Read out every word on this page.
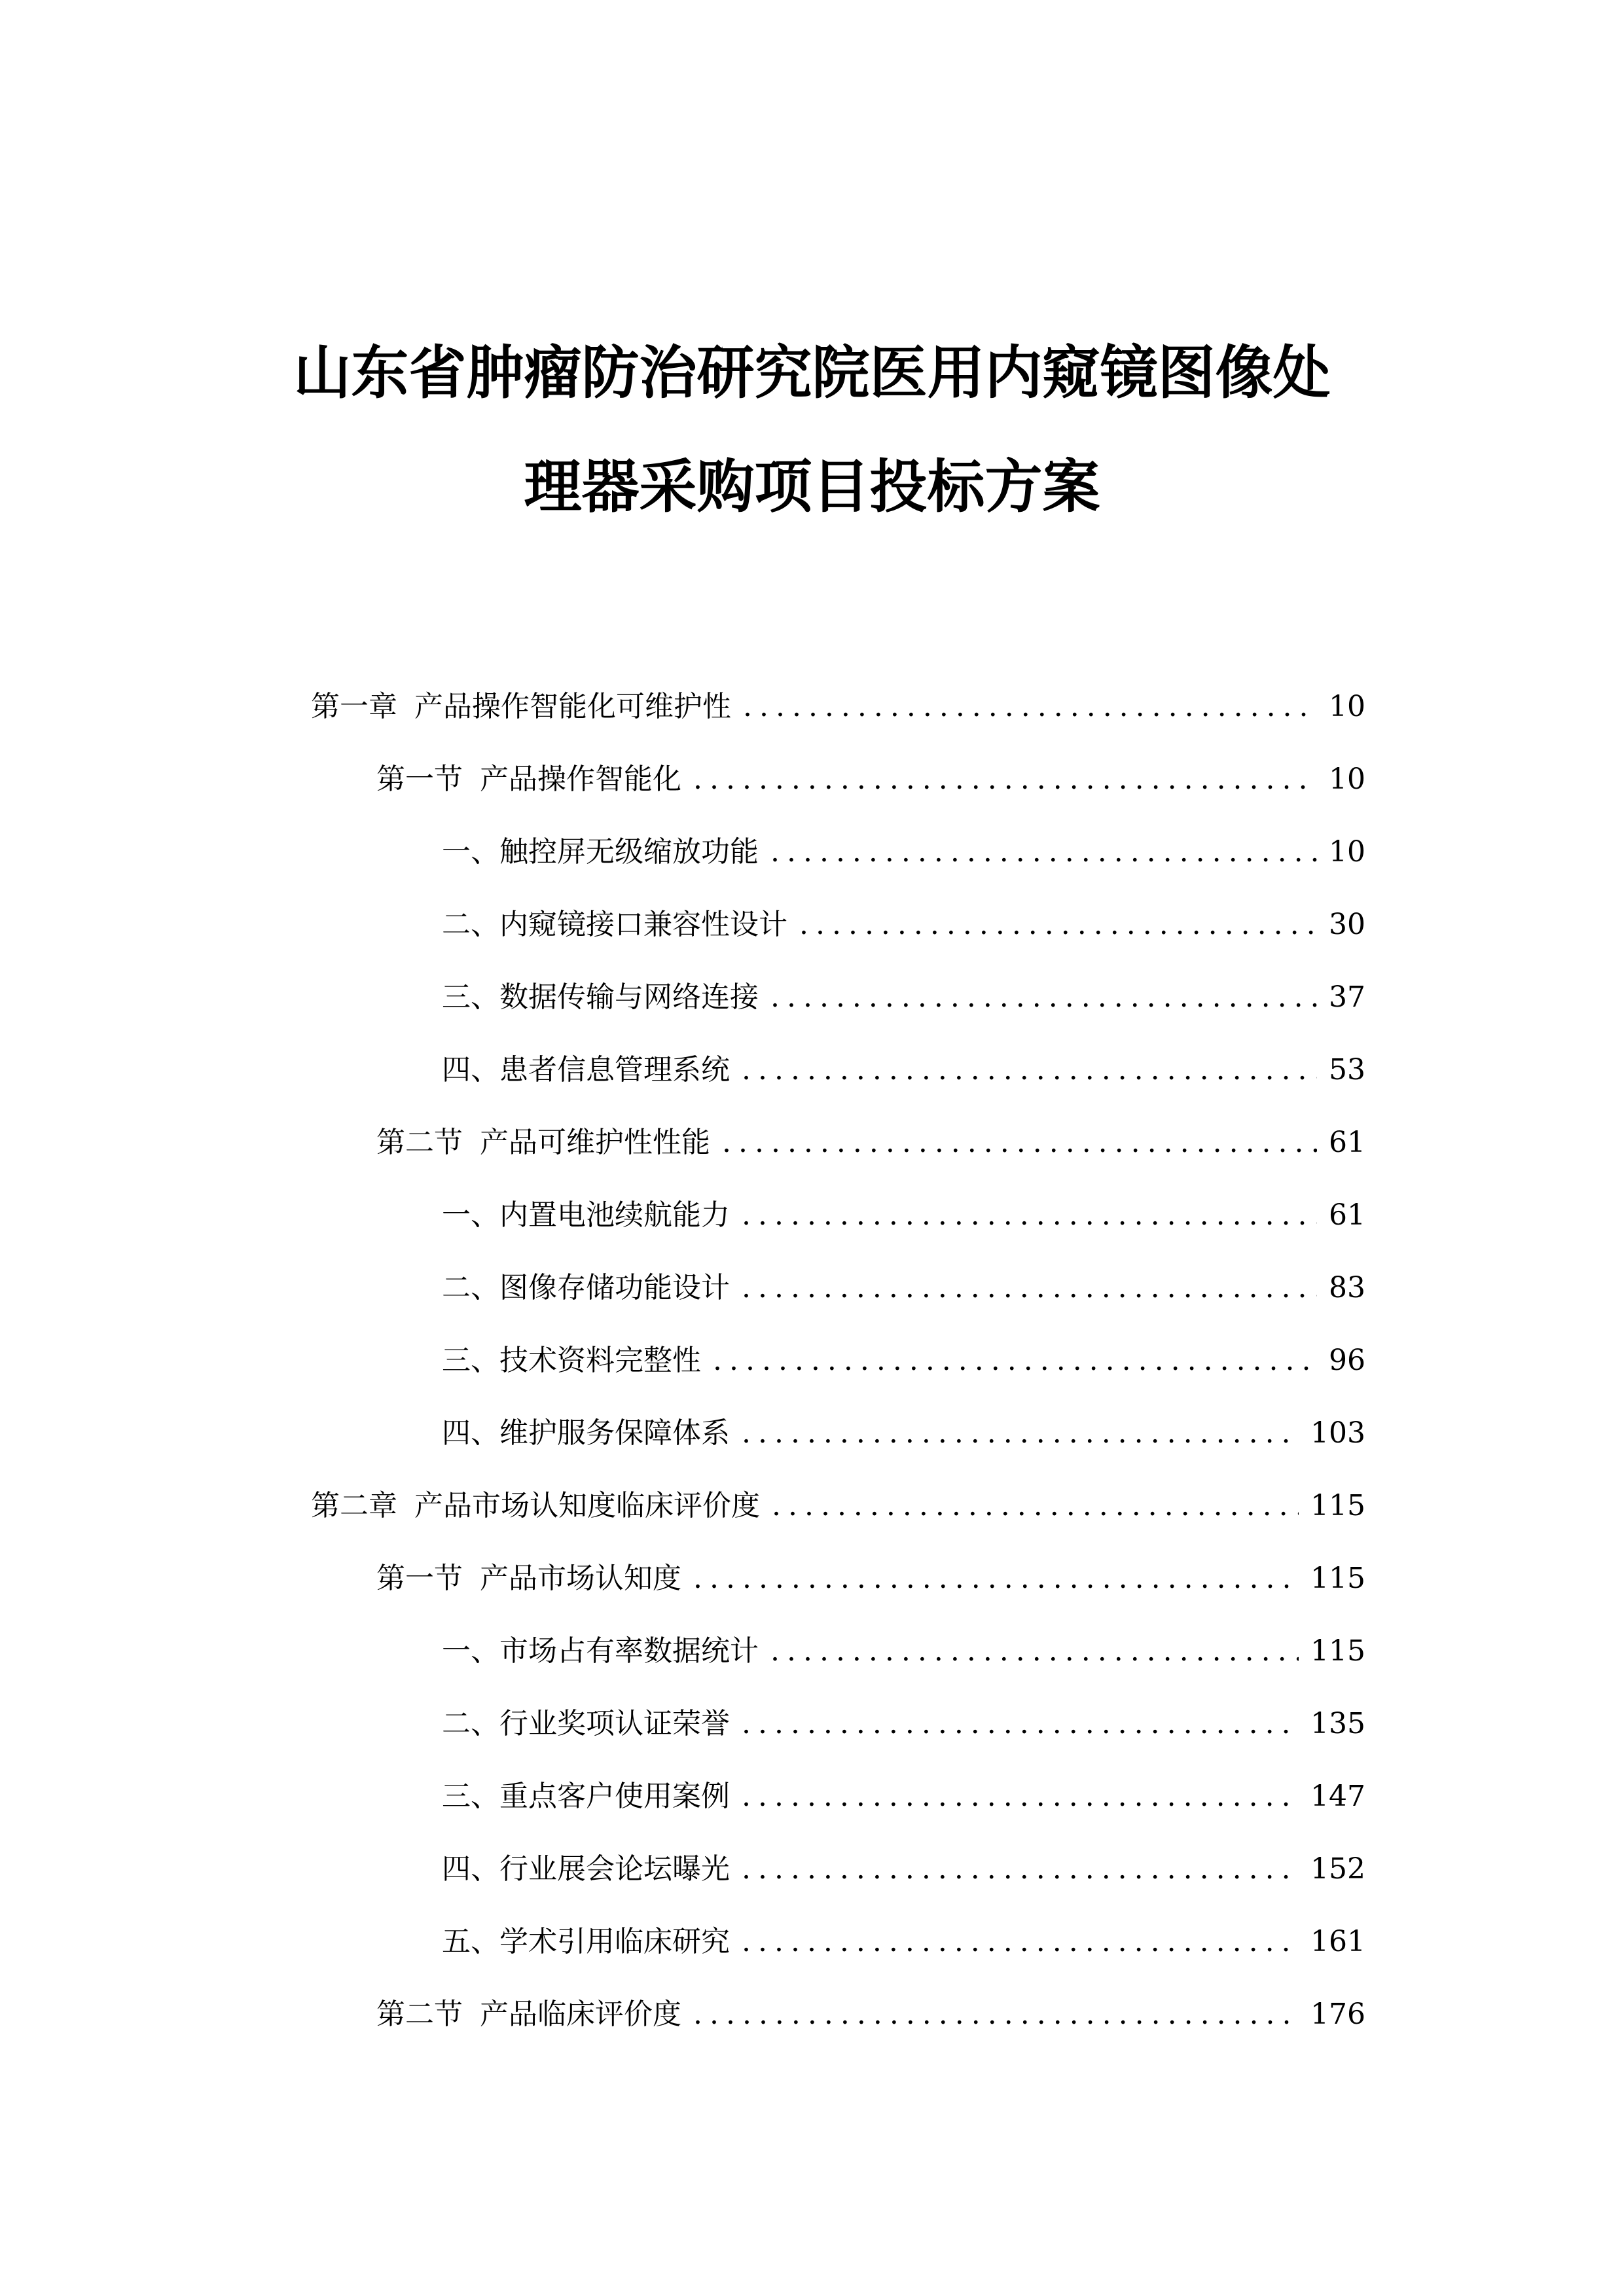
山东省肿瘤防治研究院医用内窥镜图像处
理器采购项目投标方案
第一章 产品操作智能化可维护性 .....	10
第一节 产品操作智能化 .....	10
一、 触控屏无级缩放功能 .....	10
二、 内窥镜接口兼容性设计 .....	30
三、 数据传输与网络连接 .....	37
四、 患者信息管理系统 .....	53
第二节 产品可维护性性能 .....	61
一、 内置电池续航能力 .....	61
二、 图像存储功能设计 .....	83
三、 技术资料完整性 .....	96
四、 维护服务保障体系 .....	103
第二章 产品市场认知度临床评价度 .....	115
第一节 产品市场认知度 .....	115
一、 市场占有率数据统计 .....	115
二、 行业奖项认证荣誉 .....	135
三、 重点客户使用案例 .....	147
四、 行业展会论坛曝光 .....	152
五、 学术引用临床研究 .....	161
第二节 产品临床评价度 .....	176
